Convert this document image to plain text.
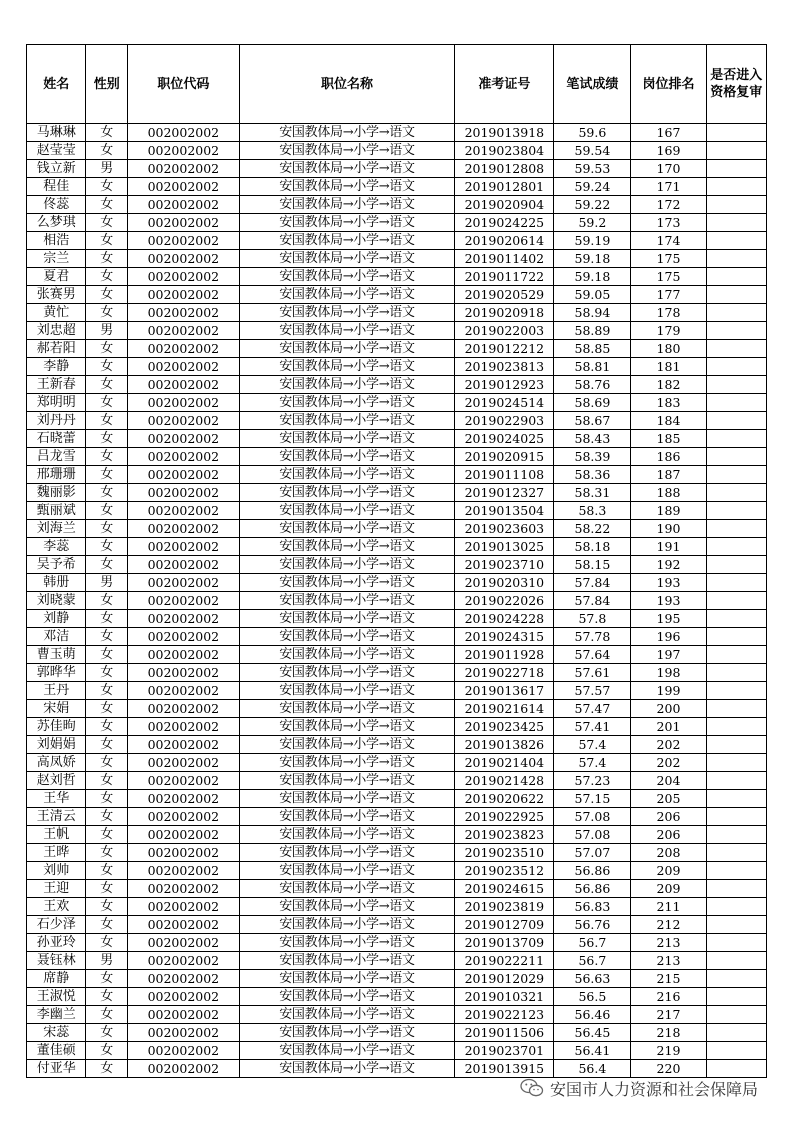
姓名	性别	职位代码	职位名称	准考证号	笔试成绩	岗位排名	是否进入资格复审
马琳琳	女	002002002	安国教体局→小学→语文	2019013918	59.6	167	
赵莹莹	女	002002002	安国教体局→小学→语文	2019023804	59.54	169	
钱立新	男	002002002	安国教体局→小学→语文	2019012808	59.53	170	
程佳	女	002002002	安国教体局→小学→语文	2019012801	59.24	171	
佟蕊	女	002002002	安国教体局→小学→语文	2019020904	59.22	172	
么梦琪	女	002002002	安国教体局→小学→语文	2019024225	59.2	173	
相浩	女	002002002	安国教体局→小学→语文	2019020614	59.19	174	
宗兰	女	002002002	安国教体局→小学→语文	2019011402	59.18	175	
夏君	女	002002002	安国教体局→小学→语文	2019011722	59.18	175	
张赛男	女	002002002	安国教体局→小学→语文	2019020529	59.05	177	
黄忙	女	002002002	安国教体局→小学→语文	2019020918	58.94	178	
刘忠超	男	002002002	安国教体局→小学→语文	2019022003	58.89	179	
郝若阳	女	002002002	安国教体局→小学→语文	2019012212	58.85	180	
李静	女	002002002	安国教体局→小学→语文	2019023813	58.81	181	
王新春	女	002002002	安国教体局→小学→语文	2019012923	58.76	182	
郑明明	女	002002002	安国教体局→小学→语文	2019024514	58.69	183	
刘丹丹	女	002002002	安国教体局→小学→语文	2019022903	58.67	184	
石晓蕾	女	002002002	安国教体局→小学→语文	2019024025	58.43	185	
吕龙雪	女	002002002	安国教体局→小学→语文	2019020915	58.39	186	
邢珊珊	女	002002002	安国教体局→小学→语文	2019011108	58.36	187	
魏丽影	女	002002002	安国教体局→小学→语文	2019012327	58.31	188	
甄丽斌	女	002002002	安国教体局→小学→语文	2019013504	58.3	189	
刘海兰	女	002002002	安国教体局→小学→语文	2019023603	58.22	190	
李蕊	女	002002002	安国教体局→小学→语文	2019013025	58.18	191	
吴予希	女	002002002	安国教体局→小学→语文	2019023710	58.15	192	
韩册	男	002002002	安国教体局→小学→语文	2019020310	57.84	193	
刘晓蒙	女	002002002	安国教体局→小学→语文	2019022026	57.84	193	
刘静	女	002002002	安国教体局→小学→语文	2019024228	57.8	195	
邓洁	女	002002002	安国教体局→小学→语文	2019024315	57.78	196	
曹玉萌	女	002002002	安国教体局→小学→语文	2019011928	57.64	197	
郭晔华	女	002002002	安国教体局→小学→语文	2019022718	57.61	198	
王丹	女	002002002	安国教体局→小学→语文	2019013617	57.57	199	
宋娟	女	002002002	安国教体局→小学→语文	2019021614	57.47	200	
苏佳昫	女	002002002	安国教体局→小学→语文	2019023425	57.41	201	
刘娟娟	女	002002002	安国教体局→小学→语文	2019013826	57.4	202	
高凤娇	女	002002002	安国教体局→小学→语文	2019021404	57.4	202	
赵刘哲	女	002002002	安国教体局→小学→语文	2019021428	57.23	204	
王华	女	002002002	安国教体局→小学→语文	2019020622	57.15	205	
王清云	女	002002002	安国教体局→小学→语文	2019022925	57.08	206	
王帆	女	002002002	安国教体局→小学→语文	2019023823	57.08	206	
王晔	女	002002002	安国教体局→小学→语文	2019023510	57.07	208	
刘帅	女	002002002	安国教体局→小学→语文	2019023512	56.86	209	
王迎	女	002002002	安国教体局→小学→语文	2019024615	56.86	209	
王欢	女	002002002	安国教体局→小学→语文	2019023819	56.83	211	
石少泽	女	002002002	安国教体局→小学→语文	2019012709	56.76	212	
孙亚玲	女	002002002	安国教体局→小学→语文	2019013709	56.7	213	
聂钰林	男	002002002	安国教体局→小学→语文	2019022211	56.7	213	
席静	女	002002002	安国教体局→小学→语文	2019012029	56.63	215	
王淑悦	女	002002002	安国教体局→小学→语文	2019010321	56.5	216	
李幽兰	女	002002002	安国教体局→小学→语文	2019022123	56.46	217	
宋蕊	女	002002002	安国教体局→小学→语文	2019011506	56.45	218	
董佳硕	女	002002002	安国教体局→小学→语文	2019023701	56.41	219	
付亚华	女	002002002	安国教体局→小学→语文	2019013915	56.4	220	
安国市人力资源和社会保障局
